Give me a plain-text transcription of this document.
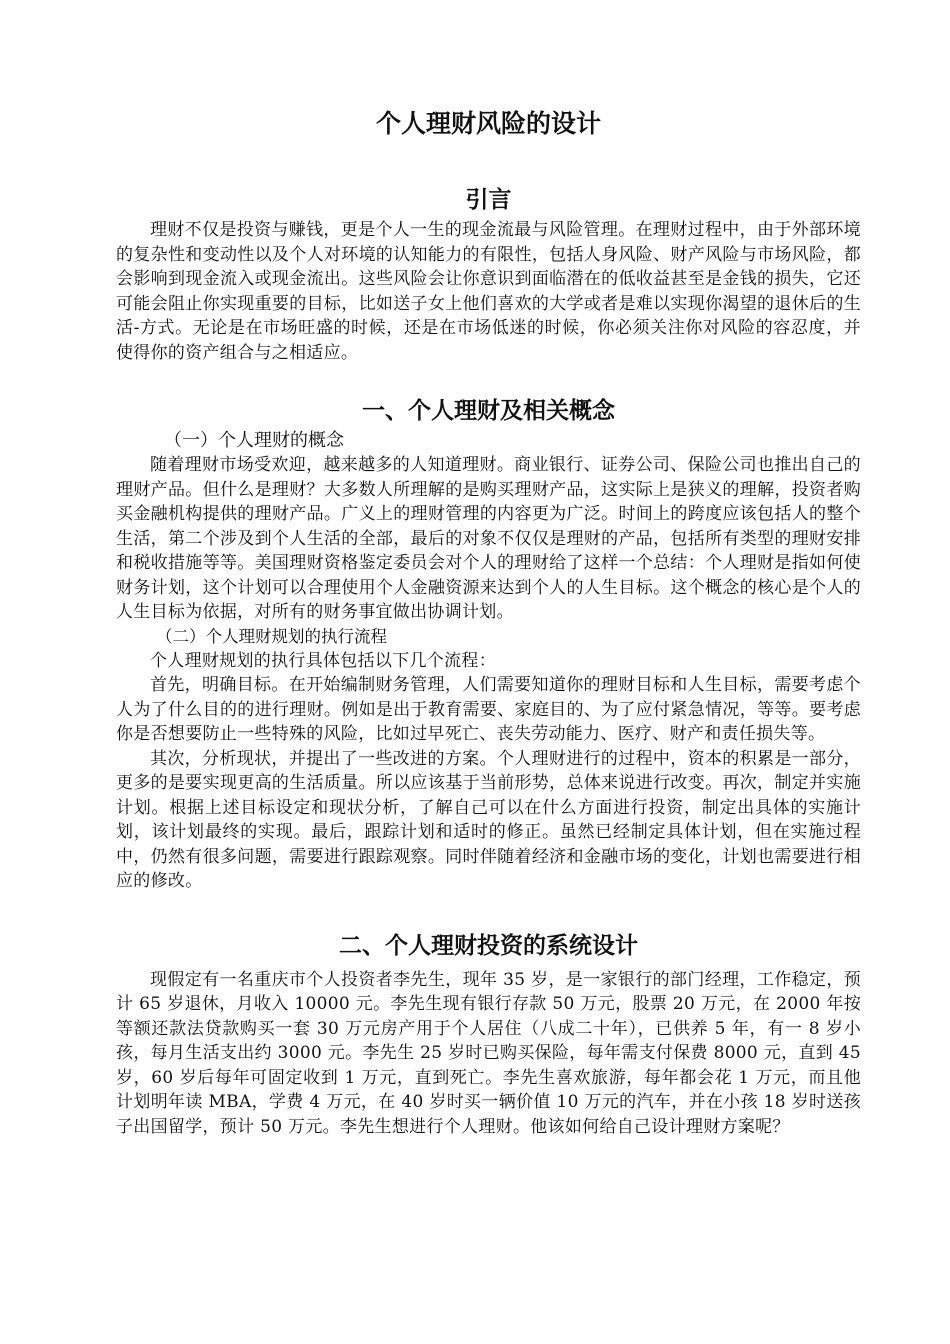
个人理财风险的设计
引言

理财不仅是投资与赚钱，更是个人一生的现金流最与风险管理。在理财过程中，由于外部环境的复杂性和变动性以及个人对环境的认知能力的有限性，包括人身风险、财产风险与市场风险，都会影响到现金流入或现金流出。这些风险会让你意识到面临潜在的低收益甚至是金钱的损失，它还可能会阻止你实现重要的目标，比如送子女上他们喜欢的大学或者是难以实现你渴望的退休后的生活-方式。无论是在市场旺盛的时候，还是在市场低迷的时候，你必须关注你对风险的容忍度，并使得你的资产组合与之相适应。

一、个人理财及相关概念

（一）个人理财的概念

随着理财市场受欢迎，越来越多的人知道理财。商业银行、证券公司、保险公司也推出自己的理财产品。但什么是理财？大多数人所理解的是购买理财产品，这实际上是狭义的理解，投资者购买金融机构提供的理财产品。广义上的理财管理的内容更为广泛。时间上的跨度应该包括人的整个生活，第二个涉及到个人生活的全部，最后的对象不仅仅是理财的产品，包括所有类型的理财安排和税收措施等等。美国理财资格鉴定委员会对个人的理财给了这样一个总结：个人理财是指如何使财务计划，这个计划可以合理使用个人金融资源来达到个人的人生目标。这个概念的核心是个人的人生目标为依据，对所有的财务事宜做出协调计划。

（二）个人理财规划的执行流程

个人理财规划的执行具体包括以下几个流程：

首先，明确目标。在开始编制财务管理，人们需要知道你的理财目标和人生目标，需要考虑个人为了什么目的的进行理财。例如是出于教育需要、家庭目的、为了应付紧急情况，等等。要考虑你是否想要防止一些特殊的风险，比如过早死亡、丧失劳动能力、医疗、财产和责任损失等。

其次，分析现状，并提出了一些改进的方案。个人理财进行的过程中，资本的积累是一部分，更多的是要实现更高的生活质量。所以应该基于当前形势，总体来说进行改变。再次，制定并实施计划。根据上述目标设定和现状分析，了解自己可以在什么方面进行投资，制定出具体的实施计划，该计划最终的实现。最后，跟踪计划和适时的修正。虽然已经制定具体计划，但在实施过程中，仍然有很多问题，需要进行跟踪观察。同时伴随着经济和金融市场的变化，计划也需要进行相应的修改。

二、个人理财投资的系统设计

现假定有一名重庆市个人投资者李先生，现年 35 岁，是一家银行的部门经理，工作稳定，预计 65 岁退休，月收入 10000 元。李先生现有银行存款 50 万元，股票 20 万元，在 2000 年按等额还款法贷款购买一套 30 万元房产用于个人居住（八成二十年），已供养 5 年，有一 8 岁小孩，每月生活支出约 3000 元。李先生 25 岁时已购买保险，每年需支付保费 8000 元，直到 45 岁，60 岁后每年可固定收到 1 万元，直到死亡。李先生喜欢旅游，每年都会花 1 万元，而且他计划明年读 MBA，学费 4 万元，在 40 岁时买一辆价值 10 万元的汽车，并在小孩 18 岁时送孩子出国留学，预计 50 万元。李先生想进行个人理财。他该如何给自己设计理财方案呢？
